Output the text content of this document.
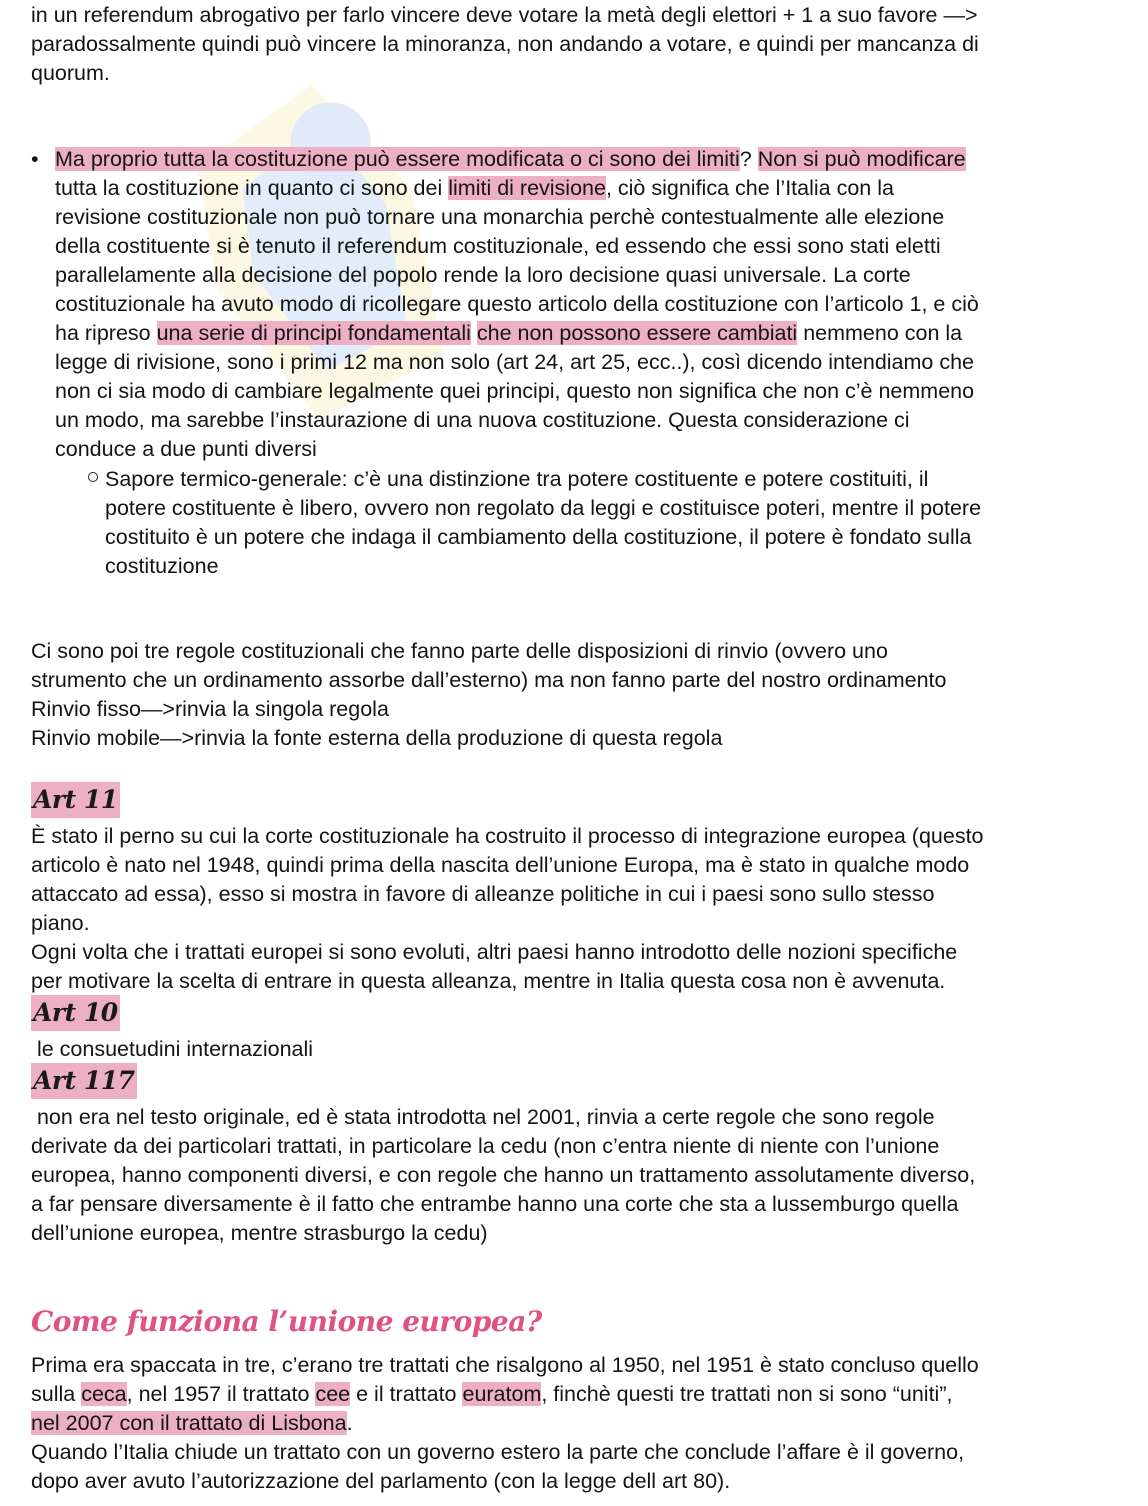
in un referendum abrogativo per farlo vincere deve votare la metà degli elettori + 1 a suo favore —>

paradossalmente quindi può vincere la minoranza, non andando a votare, e quindi per mancanza di

quorum.

• Ma proprio tutta la costituzione può essere modificata o ci sono dei limiti? Non si può modificare

tutta la costituzione in quanto ci sono dei limiti di revisione, ciò significa che l’Italia con la

revisione costituzionale non può tornare una monarchia perchè contestualmente alle elezione

della costituente si è tenuto il referendum costituzionale, ed essendo che essi sono stati eletti

parallelamente alla decisione del popolo rende la loro decisione quasi universale. La corte

costituzionale ha avuto modo di ricollegare questo articolo della costituzione con l’articolo 1, e ciò

ha ripreso una serie di principi fondamentali che non possono essere cambiati nemmeno con la

legge di rivisione, sono i primi 12 ma non solo (art 24, art 25, ecc..), così dicendo intendiamo che

non ci sia modo di cambiare legalmente quei principi, questo non significa che non c’è nemmeno

un modo, ma sarebbe l’instaurazione di una nuova costituzione. Questa considerazione ci

conduce a due punti diversi

Sapore termico-generale: c’è una distinzione tra potere costituente e potere costituiti, il

potere costituente è libero, ovvero non regolato da leggi e costituisce poteri, mentre il potere

costituito è un potere che indaga il cambiamento della costituzione, il potere è fondato sulla

costituzione

Ci sono poi tre regole costituzionali che fanno parte delle disposizioni di rinvio (ovvero uno

strumento che un ordinamento assorbe dall’esterno) ma non fanno parte del nostro ordinamento

Rinvio fisso—>rinvia la singola regola

Rinvio mobile—>rinvia la fonte esterna della produzione di questa regola

Art 11

È stato il perno su cui la corte costituzionale ha costruito il processo di integrazione europea (questo

articolo è nato nel 1948, quindi prima della nascita dell’unione Europa, ma è stato in qualche modo

attaccato ad essa), esso si mostra in favore di alleanze politiche in cui i paesi sono sullo stesso

piano.

Ogni volta che i trattati europei si sono evoluti, altri paesi hanno introdotto delle nozioni specifiche

per motivare la scelta di entrare in questa alleanza, mentre in Italia questa cosa non è avvenuta.

Art 10

le consuetudini internazionali

Art 117

non era nel testo originale, ed è stata introdotta nel 2001, rinvia a certe regole che sono regole

derivate da dei particolari trattati, in particolare la cedu (non c’entra niente di niente con l’unione

europea, hanno componenti diversi, e con regole che hanno un trattamento assolutamente diverso,

a far pensare diversamente è il fatto che entrambe hanno una corte che sta a lussemburgo quella

dell’unione europea, mentre strasburgo la cedu)

Come funziona l’unione europea?

Prima era spaccata in tre, c’erano tre trattati che risalgono al 1950, nel 1951 è stato concluso quello

sulla ceca, nel 1957 il trattato cee e il trattato euratom, finchè questi tre trattati non si sono “uniti”,

nel 2007 con il trattato di Lisbona.

Quando l’Italia chiude un trattato con un governo estero la parte che conclude l’affare è il governo,

dopo aver avuto l’autorizzazione del parlamento (con la legge dell art 80).
